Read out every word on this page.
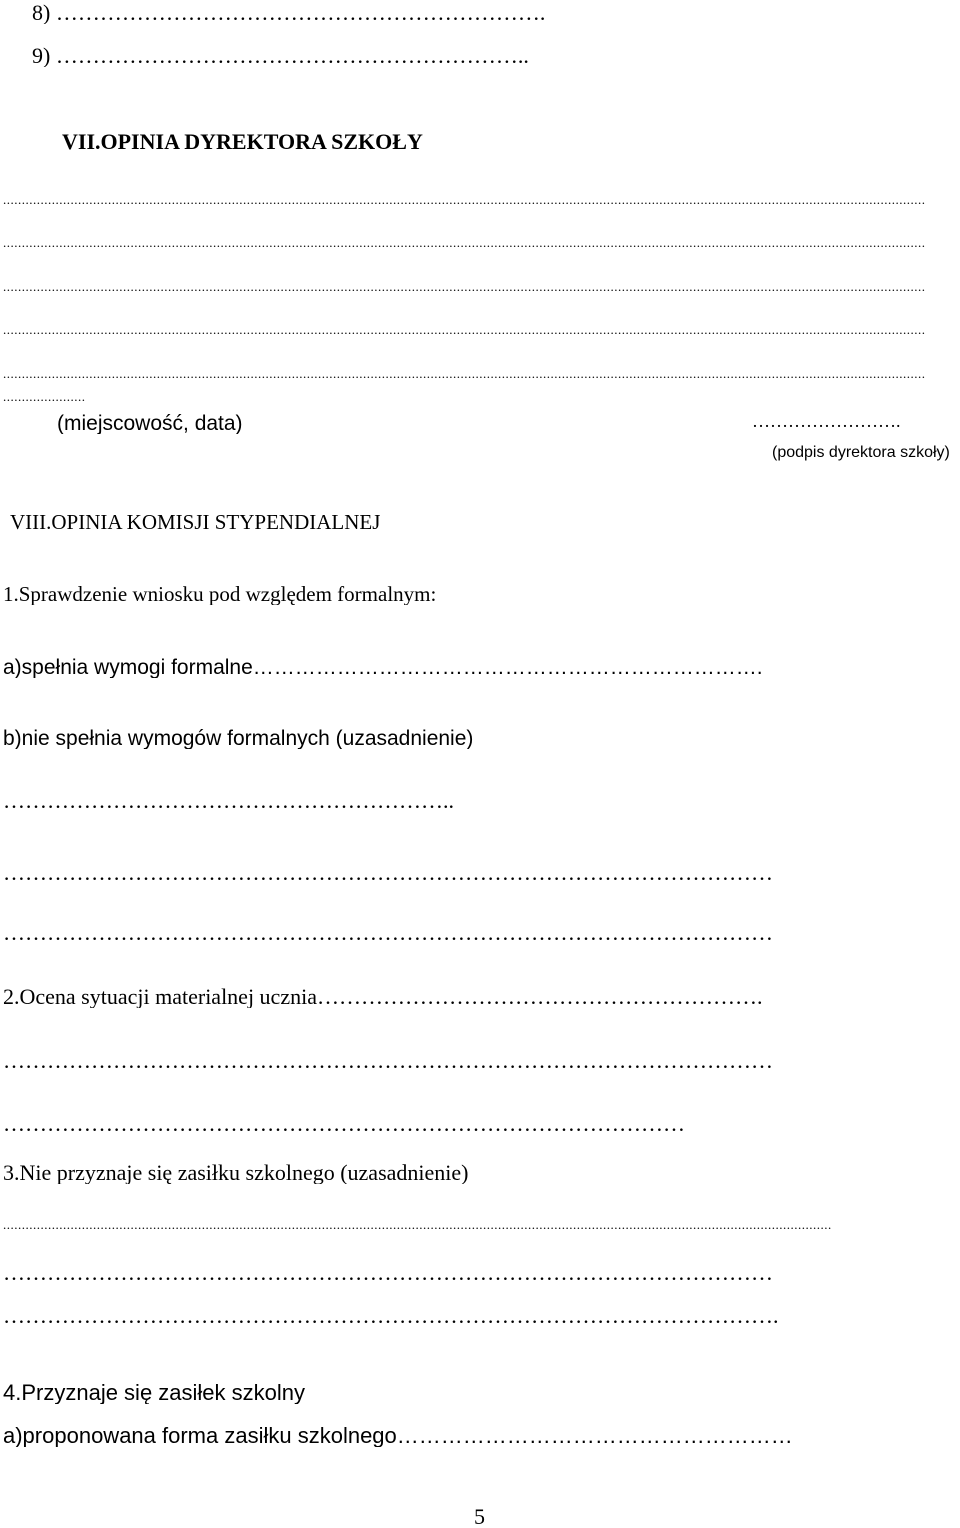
8) ………………………………………………………….
9) ………………………………………………………..
VII.OPINIA DYREKTORA SZKOŁY
......................................................................................................................................................................................................................................................
......................................................................................................................................................................................................................................................
......................................................................................................................................................................................................................................................
......................................................................................................................................................................................................................................................
......................................................................................................................................................................................................................................................
......................
…………………….
(miejscowość, data)
(podpis dyrektora szkoły)
VIII.OPINIA KOMISJI STYPENDIALNEJ
1.Sprawdzenie wniosku pod względem formalnym:
a)spełnia wymogi formalne……………………………………………………………….
b)nie spełnia wymogów formalnych (uzasadnienie)
……………………………………………………..
……………………………………………………………………………………………
……………………………………………………………………………………………
2.Ocena sytuacji materialnej ucznia…………………………………………………….
……………………………………………………………………………………………
…………………………………………………………………………………
3.Nie przyznaje się zasiłku szkolnego (uzasadnienie)
.............................................................................................................................................................................................................................
……………………………………………………………………………………………
…………………………………………………………………………………………….
4.Przyznaje się zasiłek szkolny
a)proponowana forma zasiłku szkolnego………………………………………………
5
